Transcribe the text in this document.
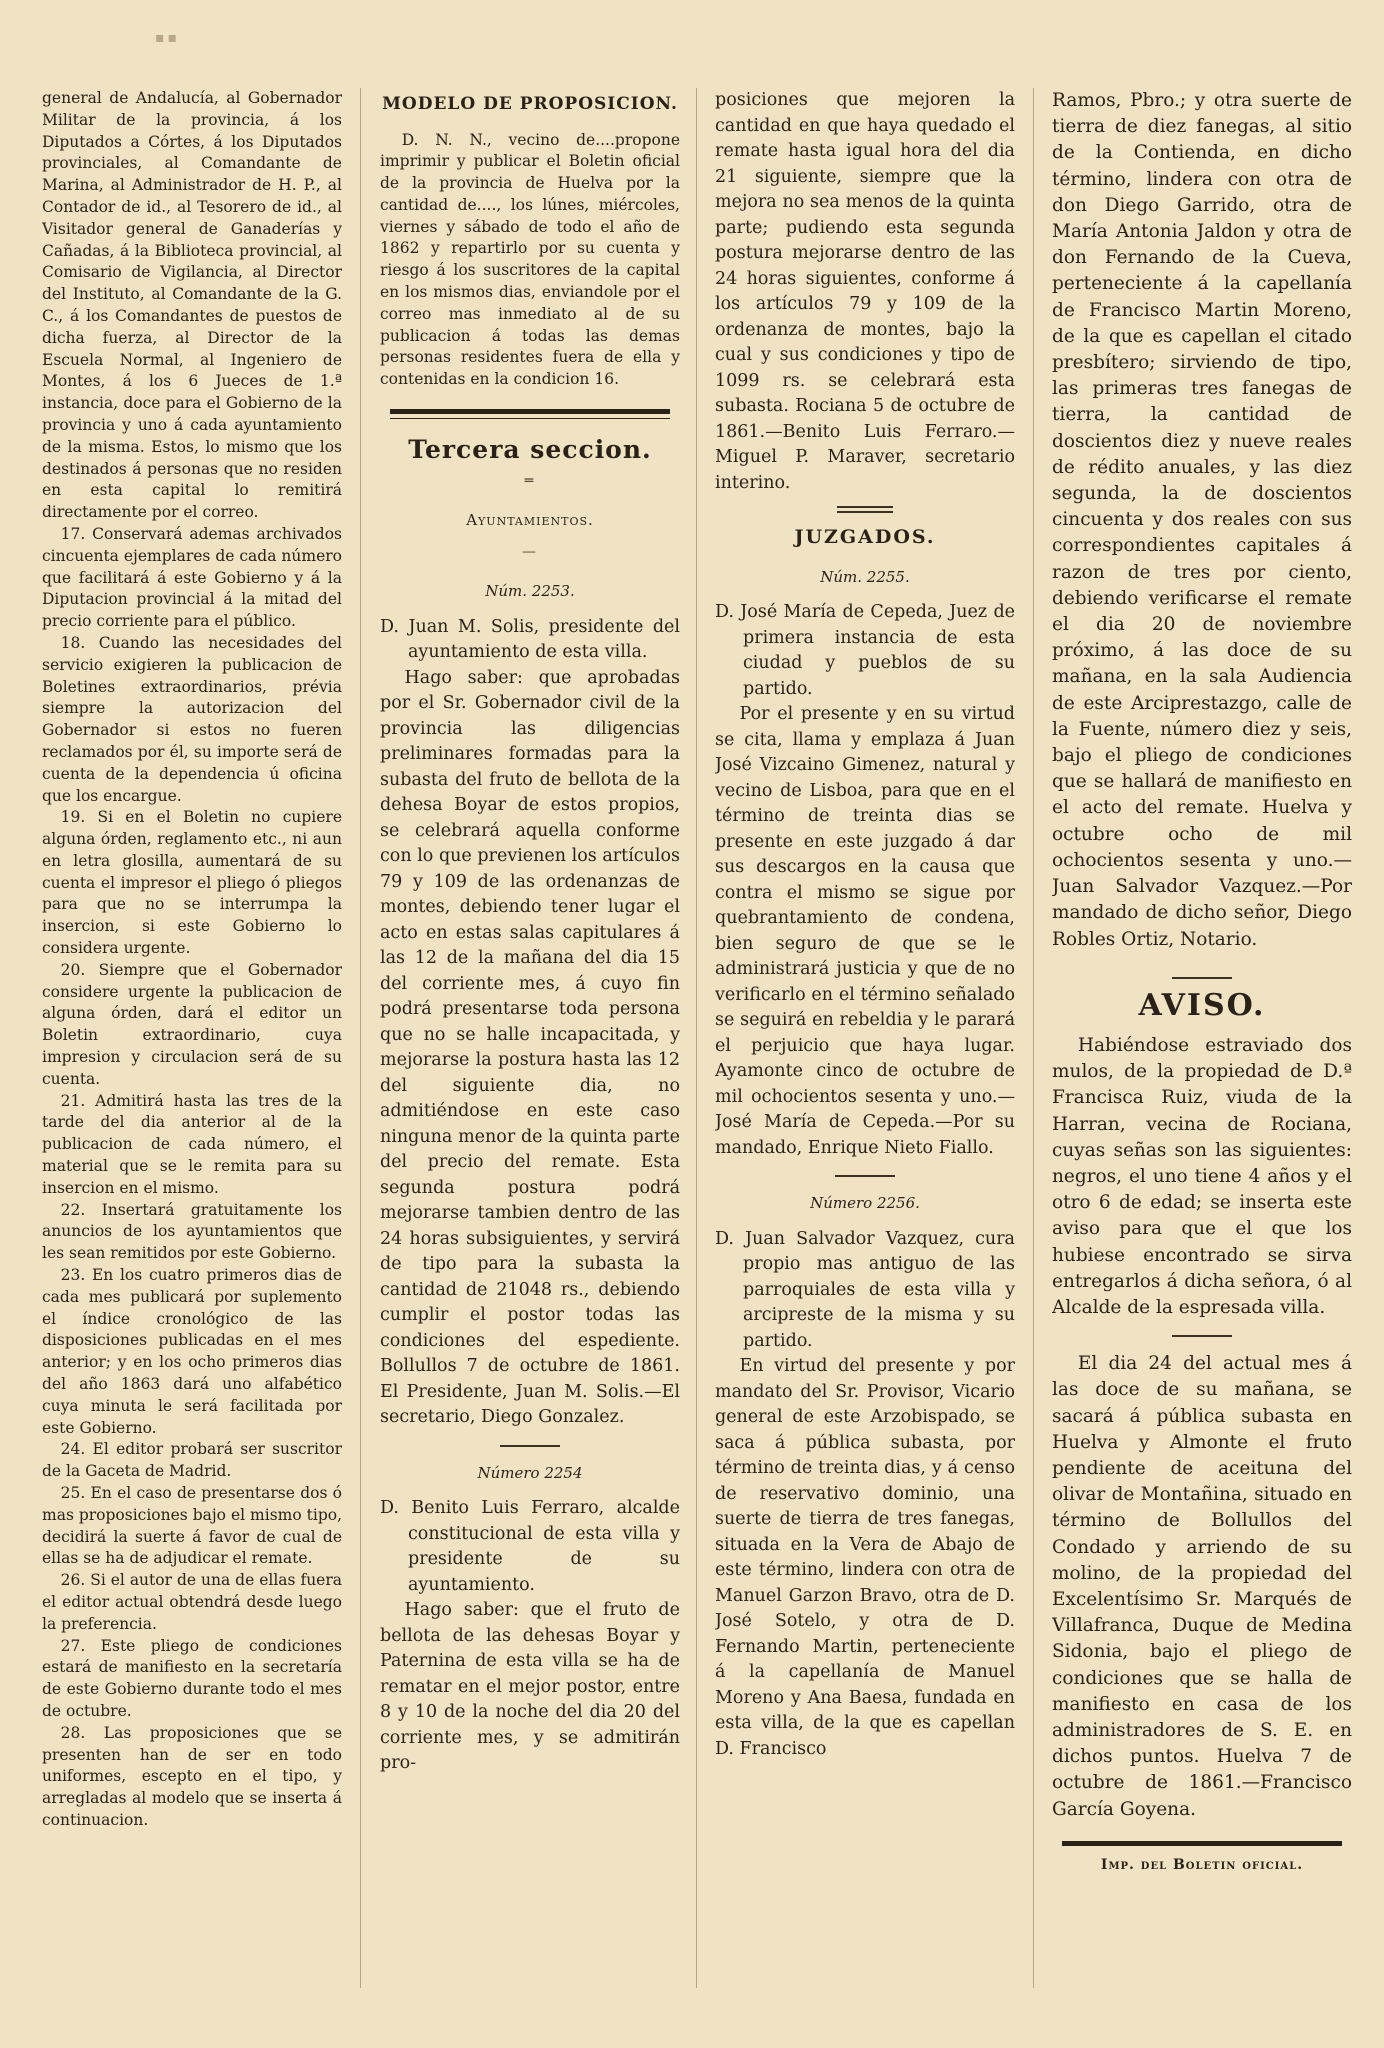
▪▪

general de Andalucía, al Gobernador Militar de la provincia, á los Diputados a Córtes, á los Diputados provinciales, al Comandante de Marina, al Administrador de H. P., al Contador de id., al Tesorero de id., al Visitador general de Ganaderías y Cañadas, á la Biblioteca provincial, al Comisario de Vigilancia, al Director del Instituto, al Comandante de la G. C., á los Comandantes de puestos de dicha fuerza, al Director de la Escuela Normal, al Ingeniero de Montes, á los 6 Jueces de 1.ª instancia, doce para el Gobierno de la provincia y uno á cada ayuntamiento de la misma. Estos, lo mismo que los destinados á personas que no residen en esta capital lo remitirá directamente por el correo.

17. Conservará ademas archivados cincuenta ejemplares de cada número que facilitará á este Gobierno y á la Diputacion provincial á la mitad del precio corriente para el público.

18. Cuando las necesidades del servicio exigieren la publicacion de Boletines extraordinarios, prévia siempre la autorizacion del Gobernador si estos no fueren reclamados por él, su importe será de cuenta de la dependencia ú oficina que los encargue.

19. Si en el Boletin no cupiere alguna órden, reglamento etc., ni aun en letra glosilla, aumentará de su cuenta el impresor el pliego ó pliegos para que no se interrumpa la insercion, si este Gobierno lo considera urgente.

20. Siempre que el Gobernador considere urgente la publicacion de alguna órden, dará el editor un Boletin extraordinario, cuya impresion y circulacion será de su cuenta.

21. Admitirá hasta las tres de la tarde del dia anterior al de la publicacion de cada número, el material que se le remita para su insercion en el mismo.

22. Insertará gratuitamente los anuncios de los ayuntamientos que les sean remitidos por este Gobierno.

23. En los cuatro primeros dias de cada mes publicará por suplemento el índice cronológico de las disposiciones publicadas en el mes anterior; y en los ocho primeros dias del año 1863 dará uno alfabético cuya minuta le será facilitada por este Gobierno.

24. El editor probará ser suscritor de la Gaceta de Madrid.

25. En el caso de presentarse dos ó mas proposiciones bajo el mismo tipo, decidirá la suerte á favor de cual de ellas se ha de adjudicar el remate.

26. Si el autor de una de ellas fuera el editor actual obtendrá desde luego la preferencia.

27. Este pliego de condiciones estará de manifiesto en la secretaría de este Gobierno durante todo el mes de octubre.

28. Las proposiciones que se presenten han de ser en todo uniformes, escepto en el tipo, y arregladas al modelo que se inserta á continuacion.

MODELO DE PROPOSICION.

D. N. N., vecino de....propone imprimir y publicar el Boletin oficial de la provincia de Huelva por la cantidad de...., los lúnes, miércoles, viernes y sábado de todo el año de 1862 y repartirlo por su cuenta y riesgo á los suscritores de la capital en los mismos dias, enviandole por el correo mas inmediato al de su publicacion á todas las demas personas residentes fuera de ella y contenidas en la condicion 16.

Tercera seccion.
═
Ayuntamientos.
—
Núm. 2253.

D. Juan M. Solis, presidente del ayuntamiento de esta villa.

Hago saber: que aprobadas por el Sr. Gobernador civil de la provincia las diligencias preliminares formadas para la subasta del fruto de bellota de la dehesa Boyar de estos propios, se celebrará aquella conforme con lo que previenen los artículos 79 y 109 de las ordenanzas de montes, debiendo tener lugar el acto en estas salas capitulares á las 12 de la mañana del dia 15 del corriente mes, á cuyo fin podrá presentarse toda persona que no se halle incapacitada, y mejorarse la postura hasta las 12 del siguiente dia, no admitiéndose en este caso ninguna menor de la quinta parte del precio del remate. Esta segunda postura podrá mejorarse tambien dentro de las 24 horas subsiguientes, y servirá de tipo para la subasta la cantidad de 21048 rs., debiendo cumplir el postor todas las condiciones del espediente. Bollullos 7 de octubre de 1861. El Presidente, Juan M. Solis.—El secretario, Diego Gonzalez.

Número 2254

D. Benito Luis Ferraro, alcalde constitucional de esta villa y presidente de su ayuntamiento.

Hago saber: que el fruto de bellota de las dehesas Boyar y Paternina de esta villa se ha de rematar en el mejor postor, entre 8 y 10 de la noche del dia 20 del corriente mes, y se admitirán pro-

posiciones que mejoren la cantidad en que haya quedado el remate hasta igual hora del dia 21 siguiente, siempre que la mejora no sea menos de la quinta parte; pudiendo esta segunda postura mejorarse dentro de las 24 horas siguientes, conforme á los artículos 79 y 109 de la ordenanza de montes, bajo la cual y sus condiciones y tipo de 1099 rs. se celebrará esta subasta. Rociana 5 de octubre de 1861.—Benito Luis Ferraro.—Miguel P. Maraver, secretario interino.

JUZGADOS.
Núm. 2255.

D. José María de Cepeda, Juez de primera instancia de esta ciudad y pueblos de su partido.

Por el presente y en su virtud se cita, llama y emplaza á Juan José Vizcaino Gimenez, natural y vecino de Lisboa, para que en el término de treinta dias se presente en este juzgado á dar sus descargos en la causa que contra el mismo se sigue por quebrantamiento de condena, bien seguro de que se le administrará justicia y que de no verificarlo en el término señalado se seguirá en rebeldia y le parará el perjuicio que haya lugar. Ayamonte cinco de octubre de mil ochocientos sesenta y uno.—José María de Cepeda.—Por su mandado, Enrique Nieto Fiallo.

Número 2256.

D. Juan Salvador Vazquez, cura propio mas antiguo de las parroquiales de esta villa y arcipreste de la misma y su partido.

En virtud del presente y por mandato del Sr. Provisor, Vicario general de este Arzobispado, se saca á pública subasta, por término de treinta dias, y á censo de reservativo dominio, una suerte de tierra de tres fanegas, situada en la Vera de Abajo de este término, lindera con otra de Manuel Garzon Bravo, otra de D. José Sotelo, y otra de D. Fernando Martin, perteneciente á la capellanía de Manuel Moreno y Ana Baesa, fundada en esta villa, de la que es capellan D. Francisco

Ramos, Pbro.; y otra suerte de tierra de diez fanegas, al sitio de la Contienda, en dicho término, lindera con otra de don Diego Garrido, otra de María Antonia Jaldon y otra de don Fernando de la Cueva, perteneciente á la capellanía de Francisco Martin Moreno, de la que es capellan el citado presbítero; sirviendo de tipo, las primeras tres fanegas de tierra, la cantidad de doscientos diez y nueve reales de rédito anuales, y las diez segunda, la de doscientos cincuenta y dos reales con sus correspondientes capitales á razon de tres por ciento, debiendo verificarse el remate el dia 20 de noviembre próximo, á las doce de su mañana, en la sala Audiencia de este Arciprestazgo, calle de la Fuente, número diez y seis, bajo el pliego de condiciones que se hallará de manifiesto en el acto del remate. Huelva y octubre ocho de mil ochocientos sesenta y uno.—Juan Salvador Vazquez.—Por mandado de dicho señor, Diego Robles Ortiz, Notario.

AVISO.

Habiéndose estraviado dos mulos, de la propiedad de D.ª Francisca Ruiz, viuda de la Harran, vecina de Rociana, cuyas señas son las siguientes: negros, el uno tiene 4 años y el otro 6 de edad; se inserta este aviso para que el que los hubiese encontrado se sirva entregarlos á dicha señora, ó al Alcalde de la espresada villa.

El dia 24 del actual mes á las doce de su mañana, se sacará á pública subasta en Huelva y Almonte el fruto pendiente de aceituna del olivar de Montañina, situado en término de Bollullos del Condado y arriendo de su molino, de la propiedad del Excelentísimo Sr. Marqués de Villafranca, Duque de Medina Sidonia, bajo el pliego de condiciones que se halla de manifiesto en casa de los administradores de S. E. en dichos puntos. Huelva 7 de octubre de 1861.—Francisco García Goyena.

Imp. del Boletin oficial.
